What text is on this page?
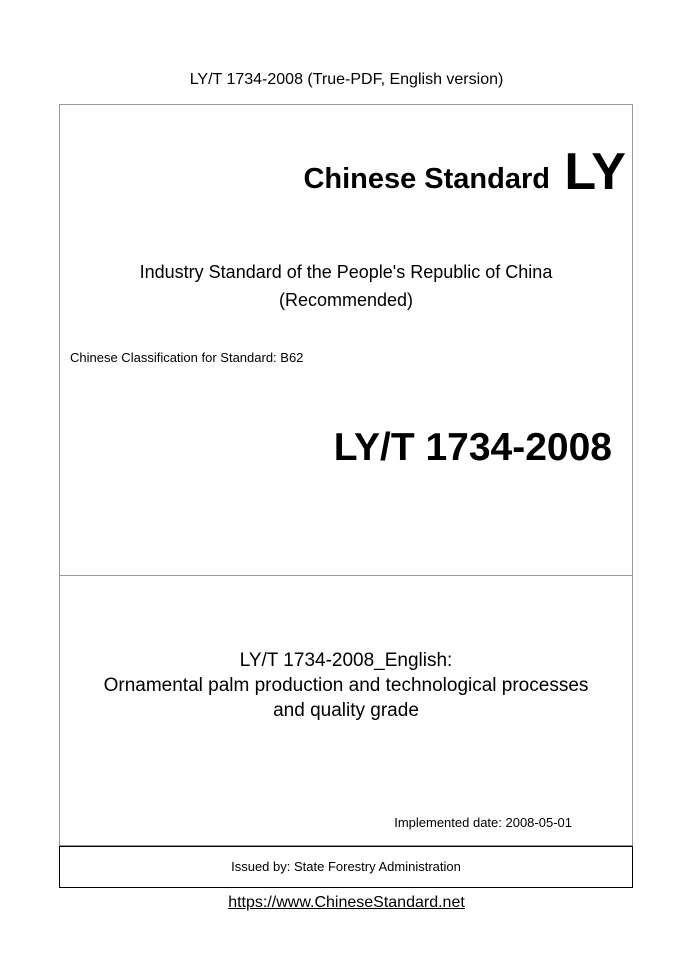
LY/T 1734-2008 (True-PDF, English version)
Chinese Standard LY
Industry Standard of the People's Republic of China
(Recommended)
Chinese Classification for Standard: B62
LY/T 1734-2008
LY/T 1734-2008_English:
Ornamental palm production and technological processes
and quality grade
Implemented date: 2008-05-01
Issued by: State Forestry Administration
https://www.ChineseStandard.net
